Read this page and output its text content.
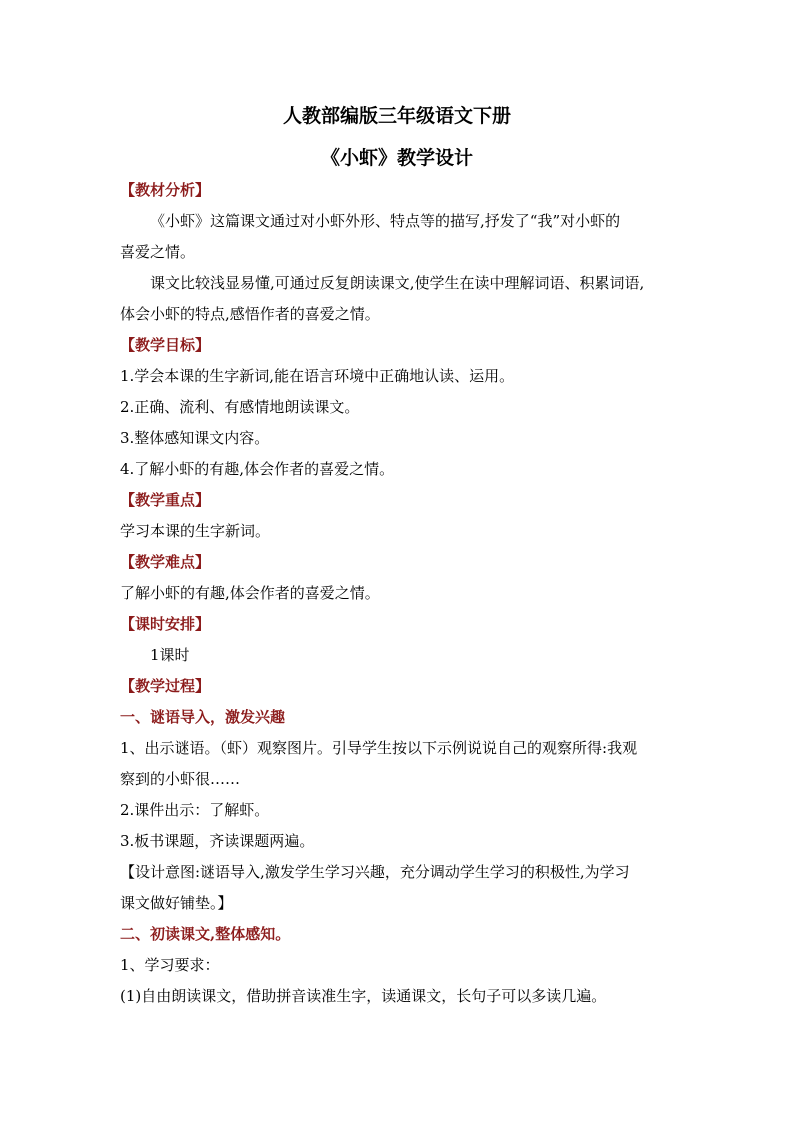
人教部编版三年级语文下册
《小虾》教学设计
【教材分析】
《小虾》这篇课文通过对小虾外形、特点等的描写,抒发了“我”对小虾的
喜爱之情。
课文比较浅显易懂,可通过反复朗读课文,使学生在读中理解词语、积累词语,
体会小虾的特点,感悟作者的喜爱之情。
【教学目标】
1.学会本课的生字新词,能在语言环境中正确地认读、运用。
2.正确、流利、有感情地朗读课文。
3.整体感知课文内容。
4.了解小虾的有趣,体会作者的喜爱之情。
【教学重点】
学习本课的生字新词。
【教学难点】
了解小虾的有趣,体会作者的喜爱之情。
【课时安排】
1课时
【教学过程】
一、谜语导入，激发兴趣
1、出示谜语。（虾）观察图片。引导学生按以下示例说说自己的观察所得:我观
察到的小虾很……
2.课件出示：了解虾。
3.板书课题，齐读课题两遍。
【设计意图:谜语导入,激发学生学习兴趣，充分调动学生学习的积极性,为学习
课文做好铺垫。】
二、初读课文,整体感知。
1、学习要求：
(1)自由朗读课文，借助拼音读准生字，读通课文，长句子可以多读几遍。
